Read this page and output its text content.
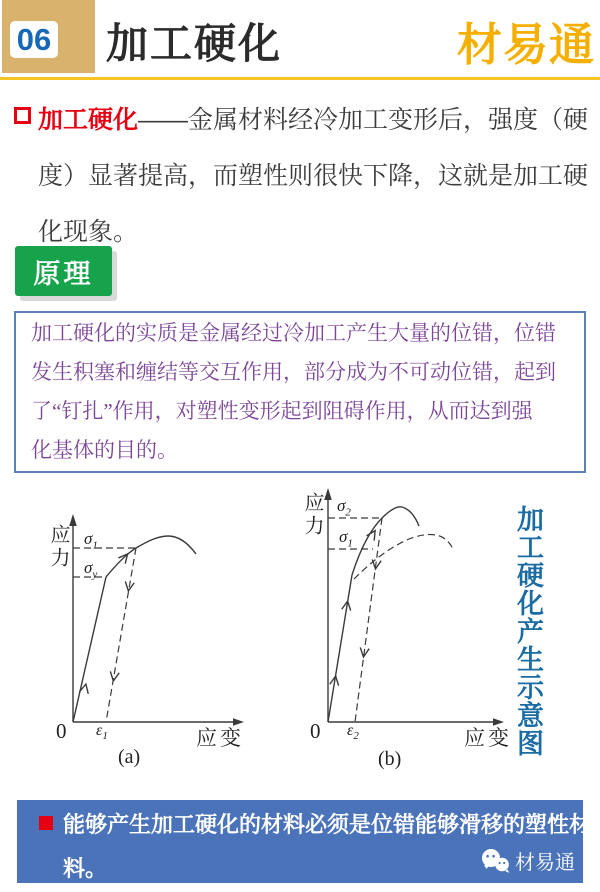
06 加工硬化	材易通
加工硬化——金属材料经冷加工变形后，强度（硬
度）显著提高，而塑性则很快下降，这就是加工硬
化现象。
原理
加工硬化的实质是金属经过冷加工产生大量的位错，位错
发生积塞和缠结等交互作用，部分成为不可动位错，起到
了“钉扎”作用，对塑性变形起到阻碍作用，从而达到强
化基体的目的。
应力 $\sigma_1$
$\sigma_y$
0 $\varepsilon_1$	应变
(a)
应力 $\sigma_2$
$\sigma_1$
0 $\varepsilon_2$	应变
(b)
加工硬化产生示意图
能够产生加工硬化的材料必须是位错能够滑移的塑性材
料。	材易通
